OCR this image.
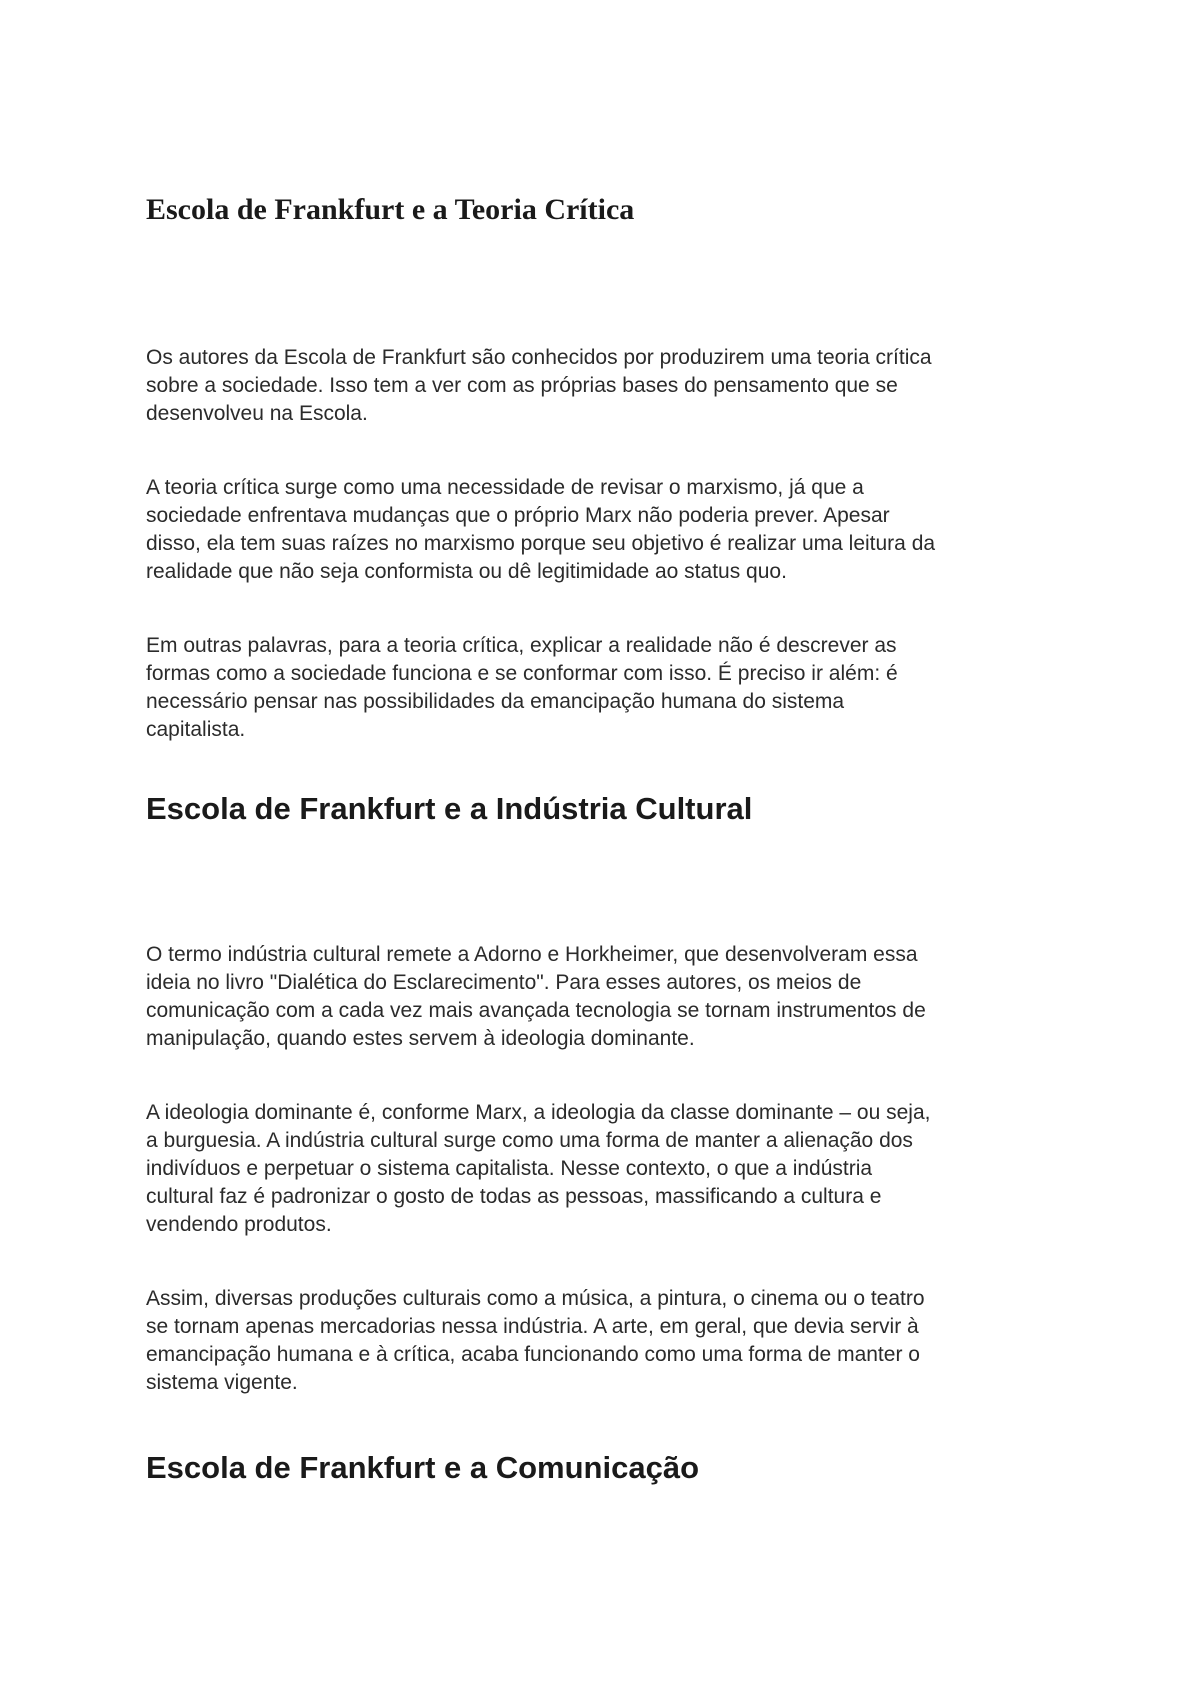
Escola de Frankfurt e a Teoria Crítica

Os autores da Escola de Frankfurt são conhecidos por produzirem uma teoria crítica
sobre a sociedade. Isso tem a ver com as próprias bases do pensamento que se
desenvolveu na Escola.

A teoria crítica surge como uma necessidade de revisar o marxismo, já que a
sociedade enfrentava mudanças que o próprio Marx não poderia prever. Apesar
disso, ela tem suas raízes no marxismo porque seu objetivo é realizar uma leitura da
realidade que não seja conformista ou dê legitimidade ao status quo.

Em outras palavras, para a teoria crítica, explicar a realidade não é descrever as
formas como a sociedade funciona e se conformar com isso. É preciso ir além: é
necessário pensar nas possibilidades da emancipação humana do sistema
capitalista.

Escola de Frankfurt e a Indústria Cultural

O termo indústria cultural remete a Adorno e Horkheimer, que desenvolveram essa
ideia no livro "Dialética do Esclarecimento". Para esses autores, os meios de
comunicação com a cada vez mais avançada tecnologia se tornam instrumentos de
manipulação, quando estes servem à ideologia dominante.

A ideologia dominante é, conforme Marx, a ideologia da classe dominante – ou seja,
a burguesia. A indústria cultural surge como uma forma de manter a alienação dos
indivíduos e perpetuar o sistema capitalista. Nesse contexto, o que a indústria
cultural faz é padronizar o gosto de todas as pessoas, massificando a cultura e
vendendo produtos.

Assim, diversas produções culturais como a música, a pintura, o cinema ou o teatro
se tornam apenas mercadorias nessa indústria. A arte, em geral, que devia servir à
emancipação humana e à crítica, acaba funcionando como uma forma de manter o
sistema vigente.

Escola de Frankfurt e a Comunicação
